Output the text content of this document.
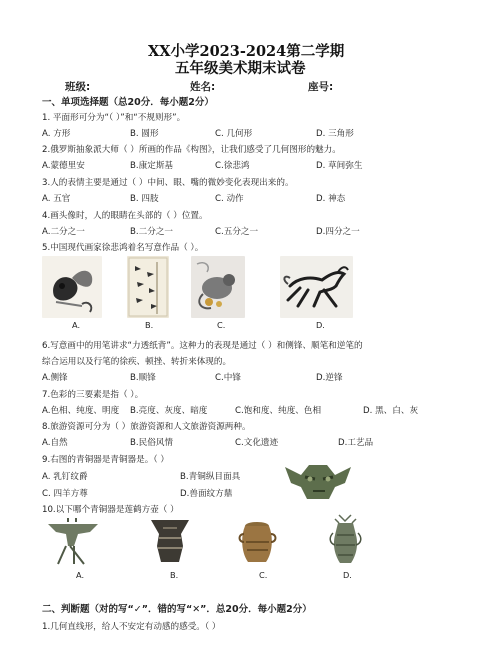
XX小学2023-2024第二学期
五年级美术期末试卷
班级:	姓名:	座号:
一、单项选择题（总20分．每小题2分）
1. 平面形可分为“（ ）”和“不规则形”。
A. 方形	B. 圆形	C. 几何形	D. 三角形
2.俄罗斯抽象派大师（ ）所画的作品《构图》，让我们感受了几何图形的魅力。
A.蒙德里安	B.康定斯基	C.徐悲鸿	D. 草间弥生
3.人的表情主要是通过（ ）中间、眼、嘴的微妙变化表现出来的。
A. 五官	B. 四肢	C. 动作	D. 神态
4.画头像时，人的眼睛在头部的（ ）位置。
A.二分之一	B.二分之一	C.五分之一	D.四分之一
5.中国现代画家徐悲鸿着名写意作品（ ）。
A.	B.	C.	D.
6.写意画中的用笔讲求“力透纸背”。这种力的表现是通过（ ）和侧锋、顺笔和逆笔的
综合运用以及行笔的徐疾、顿挫、转折来体现的。
A.侧锋	B.顺锋	C.中锋	D.逆锋
7.色彩的三要素是指（ ）。
A.色相、纯度、明度 B.亮度、灰度、暗度	C.饱和度、纯度、色相	D. 黑、白、灰
8.旅游资源可分为（ ）旅游资源和人文旅游资源两种。
A.自然	B.民俗风情	C.文化遗迹	D.工艺品
9.右图的青铜器是青铜器是。（ ）
A. 乳钉纹爵	B.青铜纵目面具
C. 四羊方尊	D.兽面纹方鼎
10.以下哪个青铜器是莲鹤方壶（ ）
A.	B.	C.	D.
二、判断题（对的写“✓”．错的写“✕”．总20分．每小题2分）
1.几何直线形，给人不安定有动感的感受。（ ）
